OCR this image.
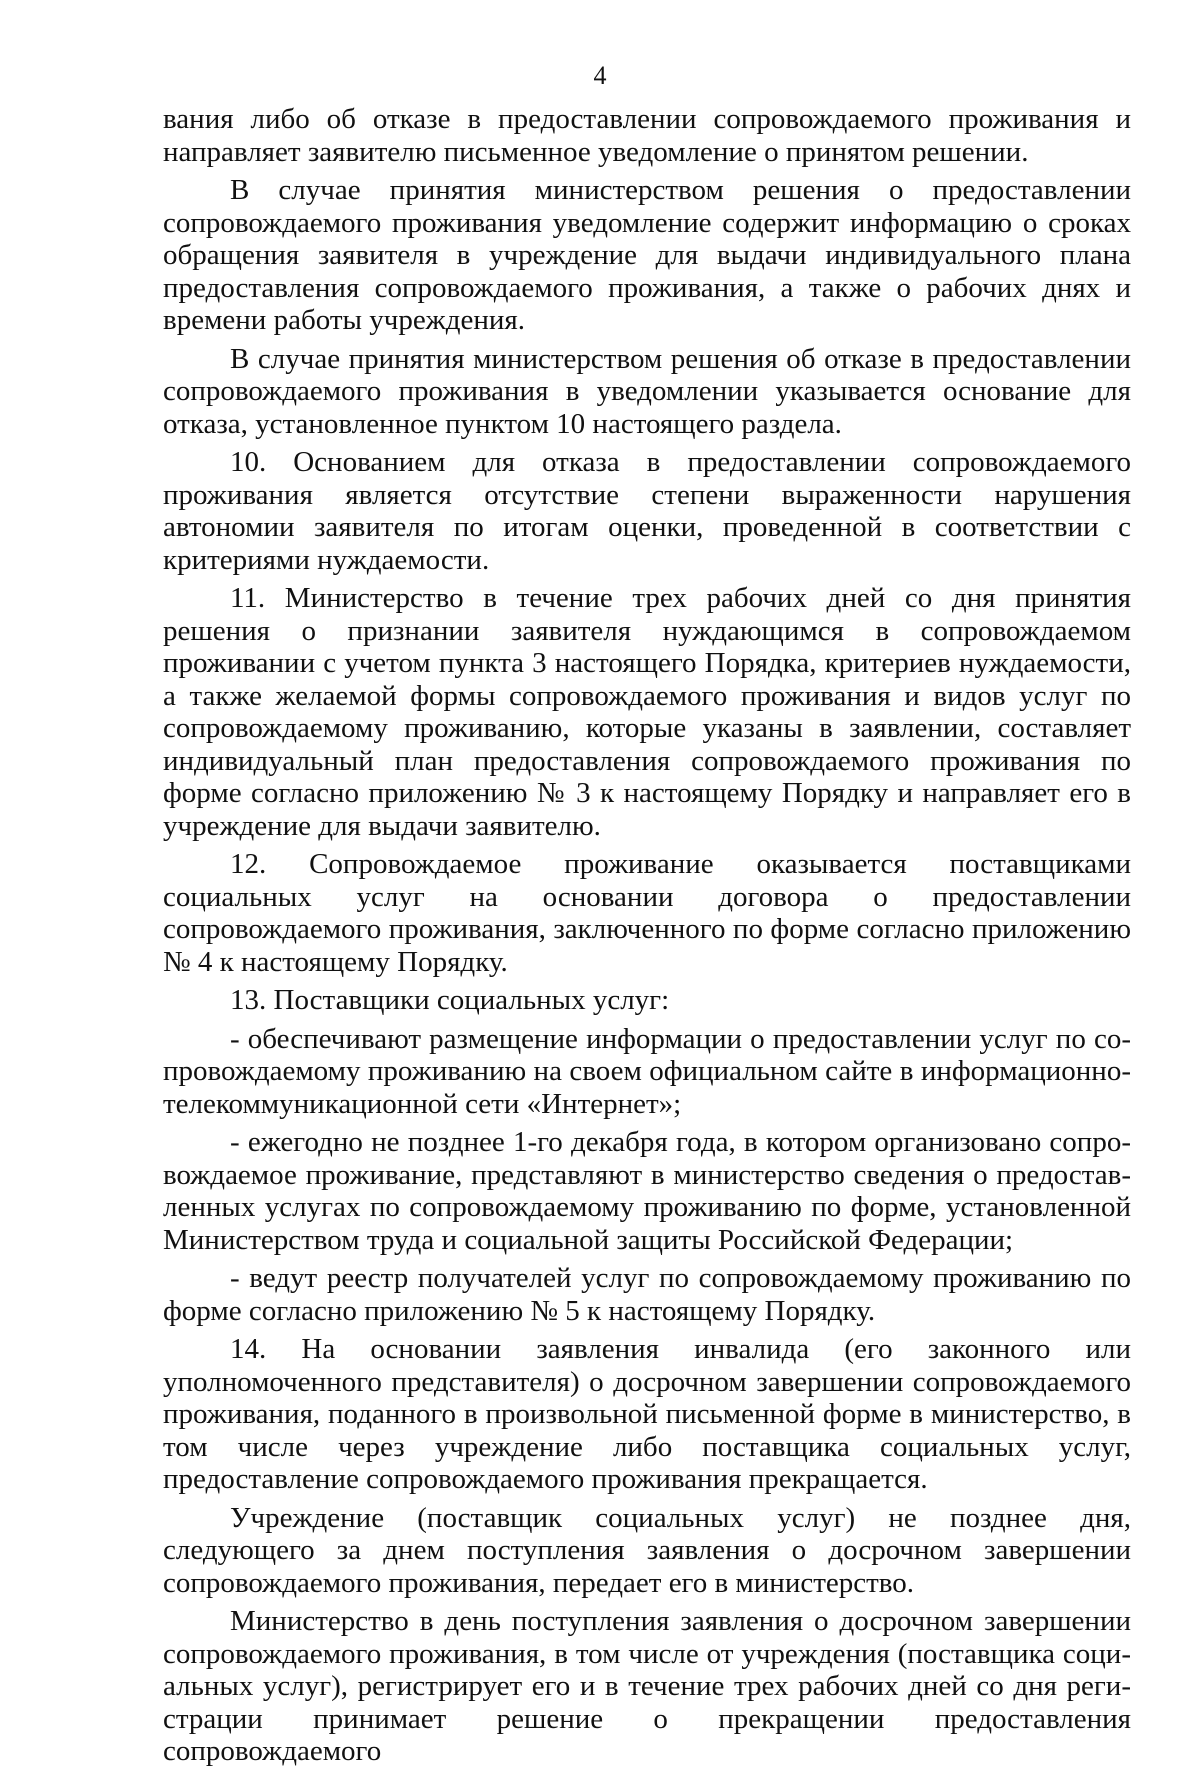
4

вания либо об отказе в предоставлении сопровождаемого проживания и направляет заявителю письменное уведомление о принятом решении.

В случае принятия министерством решения о предоставлении сопровождаемого проживания уведомление содержит информацию о сроках обращения заявителя в учреждение для выдачи индивидуального плана предоставления сопровождаемого проживания, а также о рабочих днях и времени работы учреждения.

В случае принятия министерством решения об отказе в предоставлении сопровождаемого проживания в уведомлении указывается основание для отказа, установленное пунктом 10 настоящего раздела.

10. Основанием для отказа в предоставлении сопровождаемого проживания является отсутствие степени выраженности нарушения автономии заявителя по итогам оценки, проведенной в соответствии с критериями нуждаемости.

11. Министерство в течение трех рабочих дней со дня принятия решения о признании заявителя нуждающимся в сопровождаемом проживании с учетом пункта 3 настоящего Порядка, критериев нуждаемости, а также желаемой формы сопровождаемого проживания и видов услуг по сопровождаемому проживанию, которые указаны в заявлении, составляет индивидуальный план предоставления сопровождаемого проживания по форме согласно приложению № 3 к настоящему Порядку и направляет его в учреждение для выдачи заявителю.

12. Сопровождаемое проживание оказывается поставщиками социальных услуг на основании договора о предоставлении сопровождаемого проживания, заключенного по форме согласно приложению № 4 к настоящему Порядку.

13. Поставщики социальных услуг:

- обеспечивают размещение информации о предоставлении услуг по сопровождаемому проживанию на своем официальном сайте в информационно-телекоммуникационной сети «Интернет»;

- ежегодно не позднее 1-го декабря года, в котором организовано сопровождаемое проживание, представляют в министерство сведения о предоставленных услугах по сопровождаемому проживанию по форме, установленной Министерством труда и социальной защиты Российской Федерации;

- ведут реестр получателей услуг по сопровождаемому проживанию по форме согласно приложению № 5 к настоящему Порядку.

14. На основании заявления инвалида (его законного или уполномоченного представителя) о досрочном завершении сопровождаемого проживания, поданного в произвольной письменной форме в министерство, в том числе через учреждение либо поставщика социальных услуг, предоставление сопровождаемого проживания прекращается.

Учреждение (поставщик социальных услуг) не позднее дня, следующего за днем поступления заявления о досрочном завершении сопровождаемого проживания, передает его в министерство.

Министерство в день поступления заявления о досрочном завершении сопровождаемого проживания, в том числе от учреждения (поставщика социальных услуг), регистрирует его и в течение трех рабочих дней со дня регистрации принимает решение о прекращении предоставления сопровождаемого
